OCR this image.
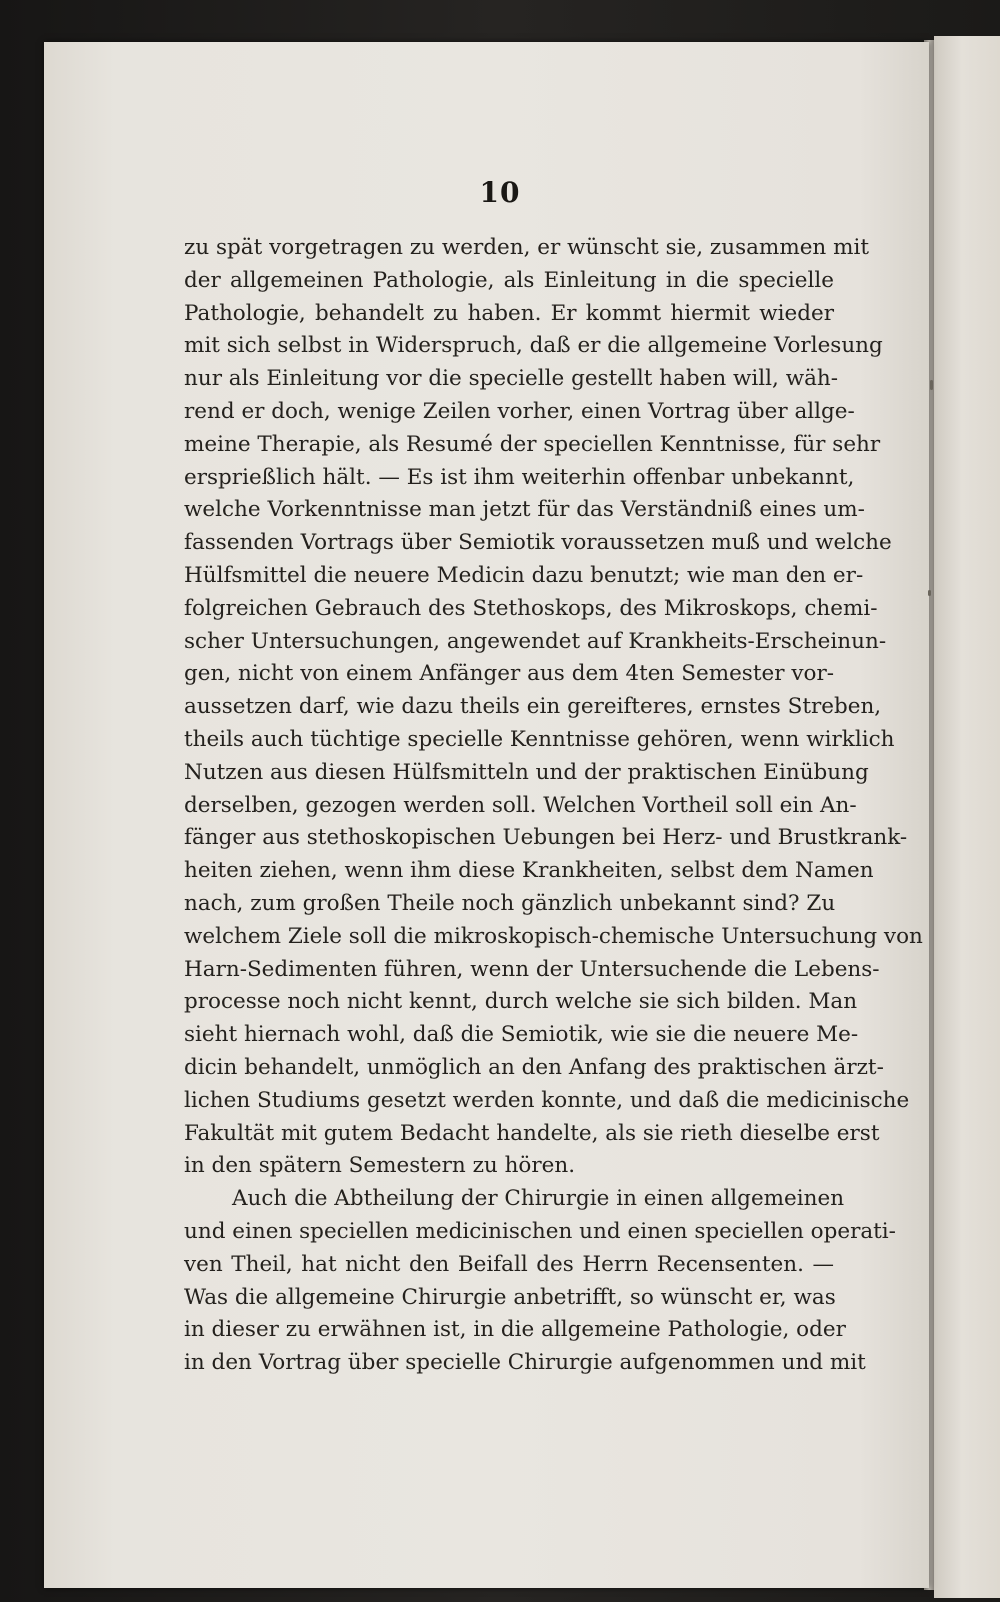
10
zu spät vorgetragen zu werden, er wünscht sie, zusammen mit
der allgemeinen Pathologie, als Einleitung in die specielle
Pathologie, behandelt zu haben. Er kommt hiermit wieder
mit sich selbst in Widerspruch, daß er die allgemeine Vorlesung
nur als Einleitung vor die specielle gestellt haben will, wäh-
rend er doch, wenige Zeilen vorher, einen Vortrag über allge-
meine Therapie, als Resumé der speciellen Kenntnisse, für sehr
ersprießlich hält. — Es ist ihm weiterhin offenbar unbekannt,
welche Vorkenntnisse man jetzt für das Verständniß eines um-
fassenden Vortrags über Semiotik voraussetzen muß und welche
Hülfsmittel die neuere Medicin dazu benutzt; wie man den er-
folgreichen Gebrauch des Stethoskops, des Mikroskops, chemi-
scher Untersuchungen, angewendet auf Krankheits-Erscheinun-
gen, nicht von einem Anfänger aus dem 4ten Semester vor-
aussetzen darf, wie dazu theils ein gereifteres, ernstes Streben,
theils auch tüchtige specielle Kenntnisse gehören, wenn wirklich
Nutzen aus diesen Hülfsmitteln und der praktischen Einübung
derselben, gezogen werden soll. Welchen Vortheil soll ein An-
fänger aus stethoskopischen Uebungen bei Herz- und Brustkrank-
heiten ziehen, wenn ihm diese Krankheiten, selbst dem Namen
nach, zum großen Theile noch gänzlich unbekannt sind? Zu
welchem Ziele soll die mikroskopisch-chemische Untersuchung von
Harn-Sedimenten führen, wenn der Untersuchende die Lebens-
processe noch nicht kennt, durch welche sie sich bilden. Man
sieht hiernach wohl, daß die Semiotik, wie sie die neuere Me-
dicin behandelt, unmöglich an den Anfang des praktischen ärzt-
lichen Studiums gesetzt werden konnte, und daß die medicinische
Fakultät mit gutem Bedacht handelte, als sie rieth dieselbe erst
in den spätern Semestern zu hören.
Auch die Abtheilung der Chirurgie in einen allgemeinen
und einen speciellen medicinischen und einen speciellen operati-
ven Theil, hat nicht den Beifall des Herrn Recensenten. —
Was die allgemeine Chirurgie anbetrifft, so wünscht er, was
in dieser zu erwähnen ist, in die allgemeine Pathologie, oder
in den Vortrag über specielle Chirurgie aufgenommen und mit
